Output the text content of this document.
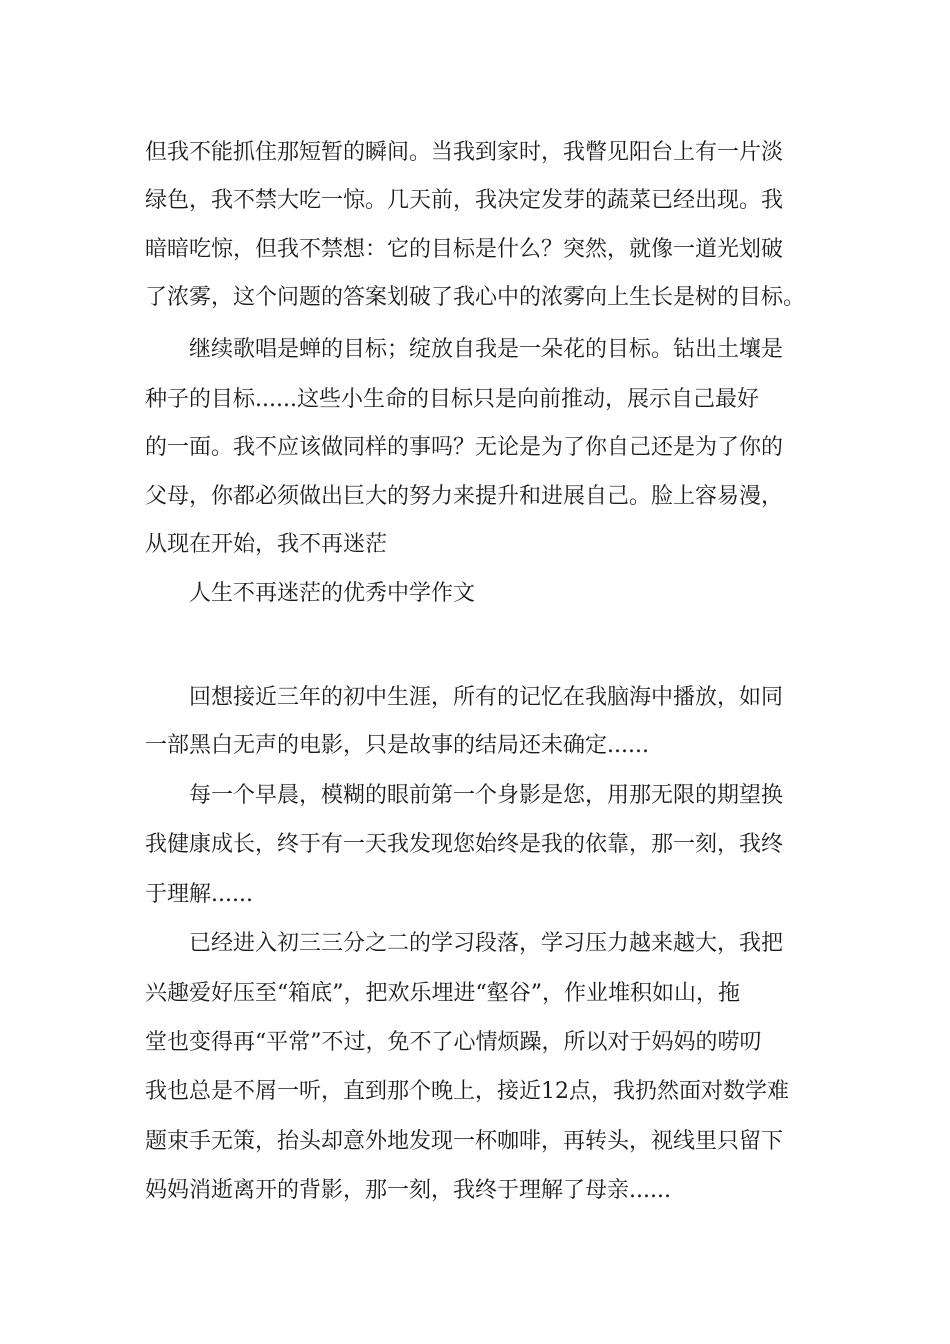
但我不能抓住那短暂的瞬间。当我到家时，我瞥见阳台上有一片淡
绿色，我不禁大吃一惊。几天前，我决定发芽的蔬菜已经出现。我
暗暗吃惊，但我不禁想：它的目标是什么？突然，就像一道光划破
了浓雾，这个问题的答案划破了我心中的浓雾向上生长是树的目标。
继续歌唱是蝉的目标；绽放自我是一朵花的目标。钻出土壤是
种子的目标......这些小生命的目标只是向前推动，展示自己最好
的一面。我不应该做同样的事吗？无论是为了你自己还是为了你的
父母，你都必须做出巨大的努力来提升和进展自己。脸上容易漫，
从现在开始，我不再迷茫
人生不再迷茫的优秀中学作文
回想接近三年的初中生涯，所有的记忆在我脑海中播放，如同
一部黑白无声的电影，只是故事的结局还未确定......
每一个早晨，模糊的眼前第一个身影是您，用那无限的期望换
我健康成长，终于有一天我发现您始终是我的依靠，那一刻，我终
于理解......
已经进入初三三分之二的学习段落，学习压力越来越大，我把
兴趣爱好压至“箱底”，把欢乐埋进“壑谷”，作业堆积如山，拖
堂也变得再“平常”不过，免不了心情烦躁，所以对于妈妈的唠叨
我也总是不屑一听，直到那个晚上，接近12点，我扔然面对数学难
题束手无策，抬头却意外地发现一杯咖啡，再转头，视线里只留下
妈妈消逝离开的背影，那一刻，我终于理解了母亲......
